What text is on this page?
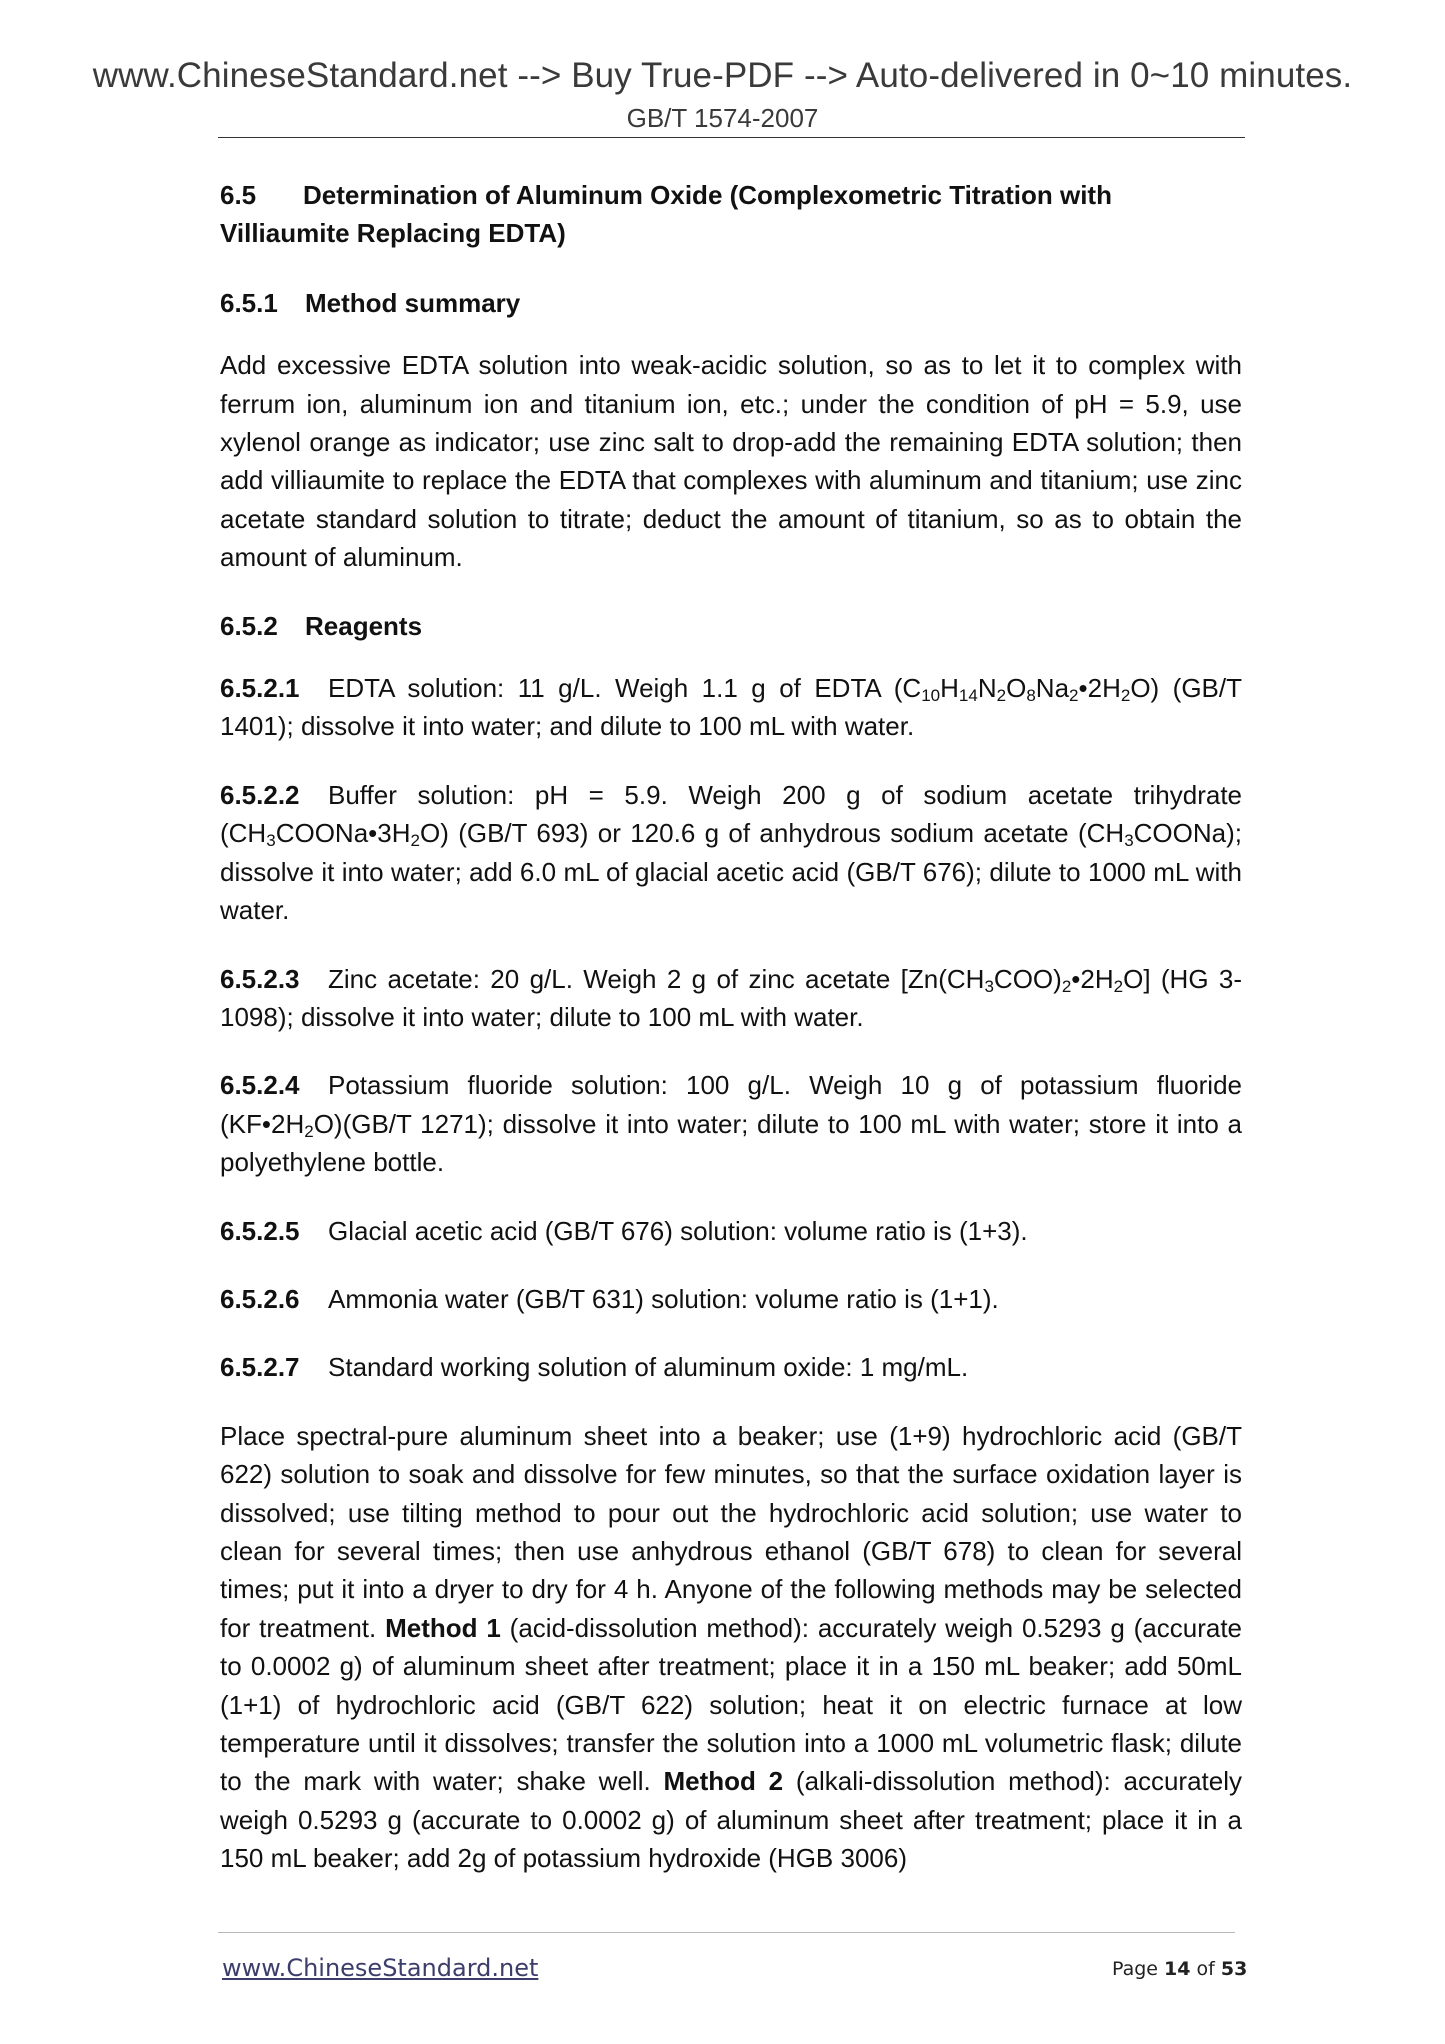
www.ChineseStandard.net --> Buy True-PDF --> Auto-delivered in 0~10 minutes.
GB/T 1574-2007

6.5 Determination of Aluminum Oxide (Complexometric Titration with
Villiaumite Replacing EDTA)

6.5.1 Method summary

Add excessive EDTA solution into weak-acidic solution, so as to let it to complex with ferrum ion, aluminum ion and titanium ion, etc.; under the condition of pH = 5.9, use xylenol orange as indicator; use zinc salt to drop-add the remaining EDTA solution; then add villiaumite to replace the EDTA that complexes with aluminum and titanium; use zinc acetate standard solution to titrate; deduct the amount of titanium, so as to obtain the amount of aluminum.

6.5.2 Reagents

6.5.2.1 EDTA solution: 11 g/L. Weigh 1.1 g of EDTA $(C_{10}H_{14}N_2O_8Na_2•2H_2O)$ (GB/T 1401); dissolve it into water; and dilute to 100 mL with water.

6.5.2.2 Buffer solution: pH = 5.9. Weigh 200 g of sodium acetate trihydrate $(CH_3COONa•3H_2O)$ (GB/T 693) or 120.6 g of anhydrous sodium acetate $(CH_3COONa)$; dissolve it into water; add 6.0 mL of glacial acetic acid (GB/T 676); dilute to 1000 mL with water.

6.5.2.3 Zinc acetate: 20 g/L. Weigh 2 g of zinc acetate $[Zn(CH_3COO)_2•2H_2O]$ (HG 3-1098); dissolve it into water; dilute to 100 mL with water.

6.5.2.4 Potassium fluoride solution: 100 g/L. Weigh 10 g of potassium fluoride $(KF•2H_2O)(GB/T$ 1271); dissolve it into water; dilute to 100 mL with water; store it into a polyethylene bottle.

6.5.2.5 Glacial acetic acid (GB/T 676) solution: volume ratio is (1+3).

6.5.2.6 Ammonia water (GB/T 631) solution: volume ratio is (1+1).

6.5.2.7 Standard working solution of aluminum oxide: 1 mg/mL.

Place spectral-pure aluminum sheet into a beaker; use (1+9) hydrochloric acid (GB/T 622) solution to soak and dissolve for few minutes, so that the surface oxidation layer is dissolved; use tilting method to pour out the hydrochloric acid solution; use water to clean for several times; then use anhydrous ethanol (GB/T 678) to clean for several times; put it into a dryer to dry for 4 h. Anyone of the following methods may be selected for treatment. Method 1 (acid-dissolution method): accurately weigh 0.5293 g (accurate to 0.0002 g) of aluminum sheet after treatment; place it in a 150 mL beaker; add 50mL (1+1) of hydrochloric acid (GB/T 622) solution; heat it on electric furnace at low temperature until it dissolves; transfer the solution into a 1000 mL volumetric flask; dilute to the mark with water; shake well. Method 2 (alkali-dissolution method): accurately weigh 0.5293 g (accurate to 0.0002 g) of aluminum sheet after treatment; place it in a 150 mL beaker; add 2g of potassium hydroxide (HGB 3006)

www.ChineseStandard.net	Page 14 of 53
